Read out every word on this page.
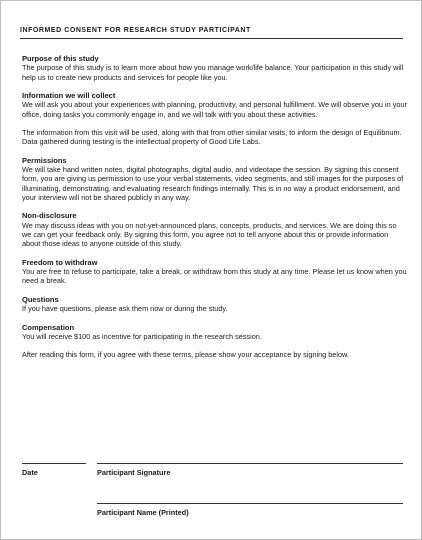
INFORMED CONSENT FOR RESEARCH STUDY PARTICIPANT
Purpose of this study

The purpose of this study is to learn more about how you manage work/life balance. Your participation in this study will help us to create new products and services for people like you.

Information we will collect

We will ask you about your experiences with planning, productivity, and personal fulfillment. We will observe you in your office, doing tasks you commonly engage in, and we will talk with you about these activities.

The information from this visit will be used, along with that from other similar visits, to inform the design of Equilibrium. Data gathered during testing is the intellectual property of Good Life Labs.

Permissions

We will take hand written notes, digital photographs, digital audio, and videotape the session. By signing this consent form, you are giving us permission to use your verbal statements, video segments, and still images for the purposes of illuminating, demonstrating, and evaluating research findings internally. This is in no way a product endorsement, and your interview will not be shared publicly in any way.

Non-disclosure

We may discuss ideas with you on not-yet-announced plans, concepts, products, and services. We are doing this so we can get your feedback only. By signing this form, you agree not to tell anyone about this or provide information about those ideas to anyone outside of this study.

Freedom to withdraw

You are free to refuse to participate, take a break, or withdraw from this study at any time. Please let us know when you need a break.

Questions

If you have questions, please ask them now or during the study.

Compensation

You will receive $100 as incentive for participating in the research session.

After reading this form, if you agree with these terms, please show your acceptance by signing below.

Date	Participant Signature
Participant Name (Printed)
